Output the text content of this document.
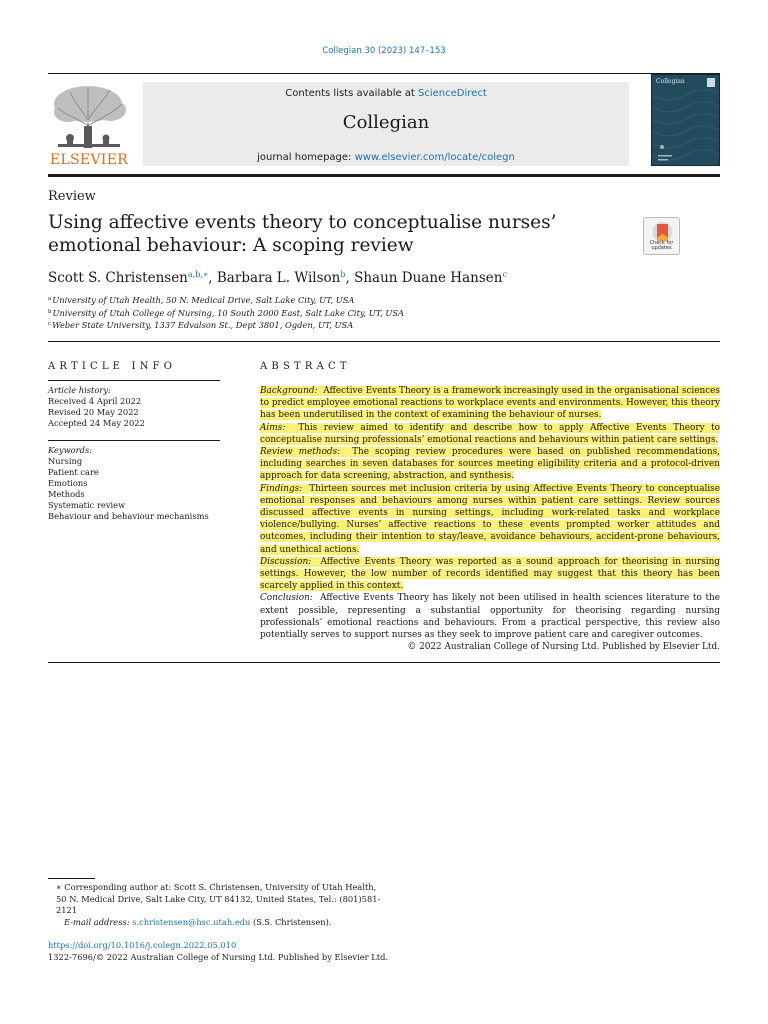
Collegian 30 (2023) 147–153
ELSEVIER
Contents lists available at ScienceDirect
Collegian
journal homepage: www.elsevier.com/locate/colegn
Collegian
Review
Using affective events theory to conceptualise nurses’ emotional behaviour: A scoping review	Check for updates
Scott S. Christensen$^{a,b,∗}$, Barbara L. Wilson$^b$, Shaun Duane Hansen$^c$
$^a$University of Utah Health, 50 N. Medical Drive, Salt Lake City, UT, USA
$^b$University of Utah College of Nursing, 10 South 2000 East, Salt Lake City, UT, USA
$^c$Weber State University, 1337 Edvalson St., Dept 3801, Ogden, UT, USA
ARTICLE INFO	ABSTRACT
Article history:
Received 4 April 2022
Revised 20 May 2022
Accepted 24 May 2022
Keywords:
Nursing
Patient care
Emotions
Methods
Systematic review
Behaviour and behaviour mechanisms

Background: Affective Events Theory is a framework increasingly used in the organisational sciences to predict employee emotional reactions to workplace events and environments. However, this theory has been underutilised in the context of examining the behaviour of nurses.

Aims: This review aimed to identify and describe how to apply Affective Events Theory to conceptualise nursing professionals’ emotional reactions and behaviours within patient care settings.

Review methods: The scoping review procedures were based on published recommendations, including searches in seven databases for sources meeting eligibility criteria and a protocol-driven approach for data screening, abstraction, and synthesis.

Findings: Thirteen sources met inclusion criteria by using Affective Events Theory to conceptualise emotional responses and behaviours among nurses within patient care settings. Review sources discussed affective events in nursing settings, including work-related tasks and workplace violence/bullying. Nurses’ affective reactions to these events prompted worker attitudes and outcomes, including their intention to stay/leave, avoidance behaviours, accident-prone behaviours, and unethical actions.

Discussion: Affective Events Theory was reported as a sound approach for theorising in nursing settings. However, the low number of records identified may suggest that this theory has been scarcely applied in this context.

Conclusion: Affective Events Theory has likely not been utilised in health sciences literature to the extent possible, representing a substantial opportunity for theorising regarding nursing professionals’ emotional reactions and behaviours. From a practical perspective, this review also potentially serves to support nurses as they seek to improve patient care and caregiver outcomes.

© 2022 Australian College of Nursing Ltd. Published by Elsevier Ltd.

∗ Corresponding author at: Scott S. Christensen, University of Utah Health, 50 N. Medical Drive, Salt Lake City, UT 84132, United States, Tel.: (801)581-2121
E-mail address: s.christensen@hsc.utah.edu (S.S. Christensen).
https://doi.org/10.1016/j.colegn.2022.05.010
1322-7696/© 2022 Australian College of Nursing Ltd. Published by Elsevier Ltd.
